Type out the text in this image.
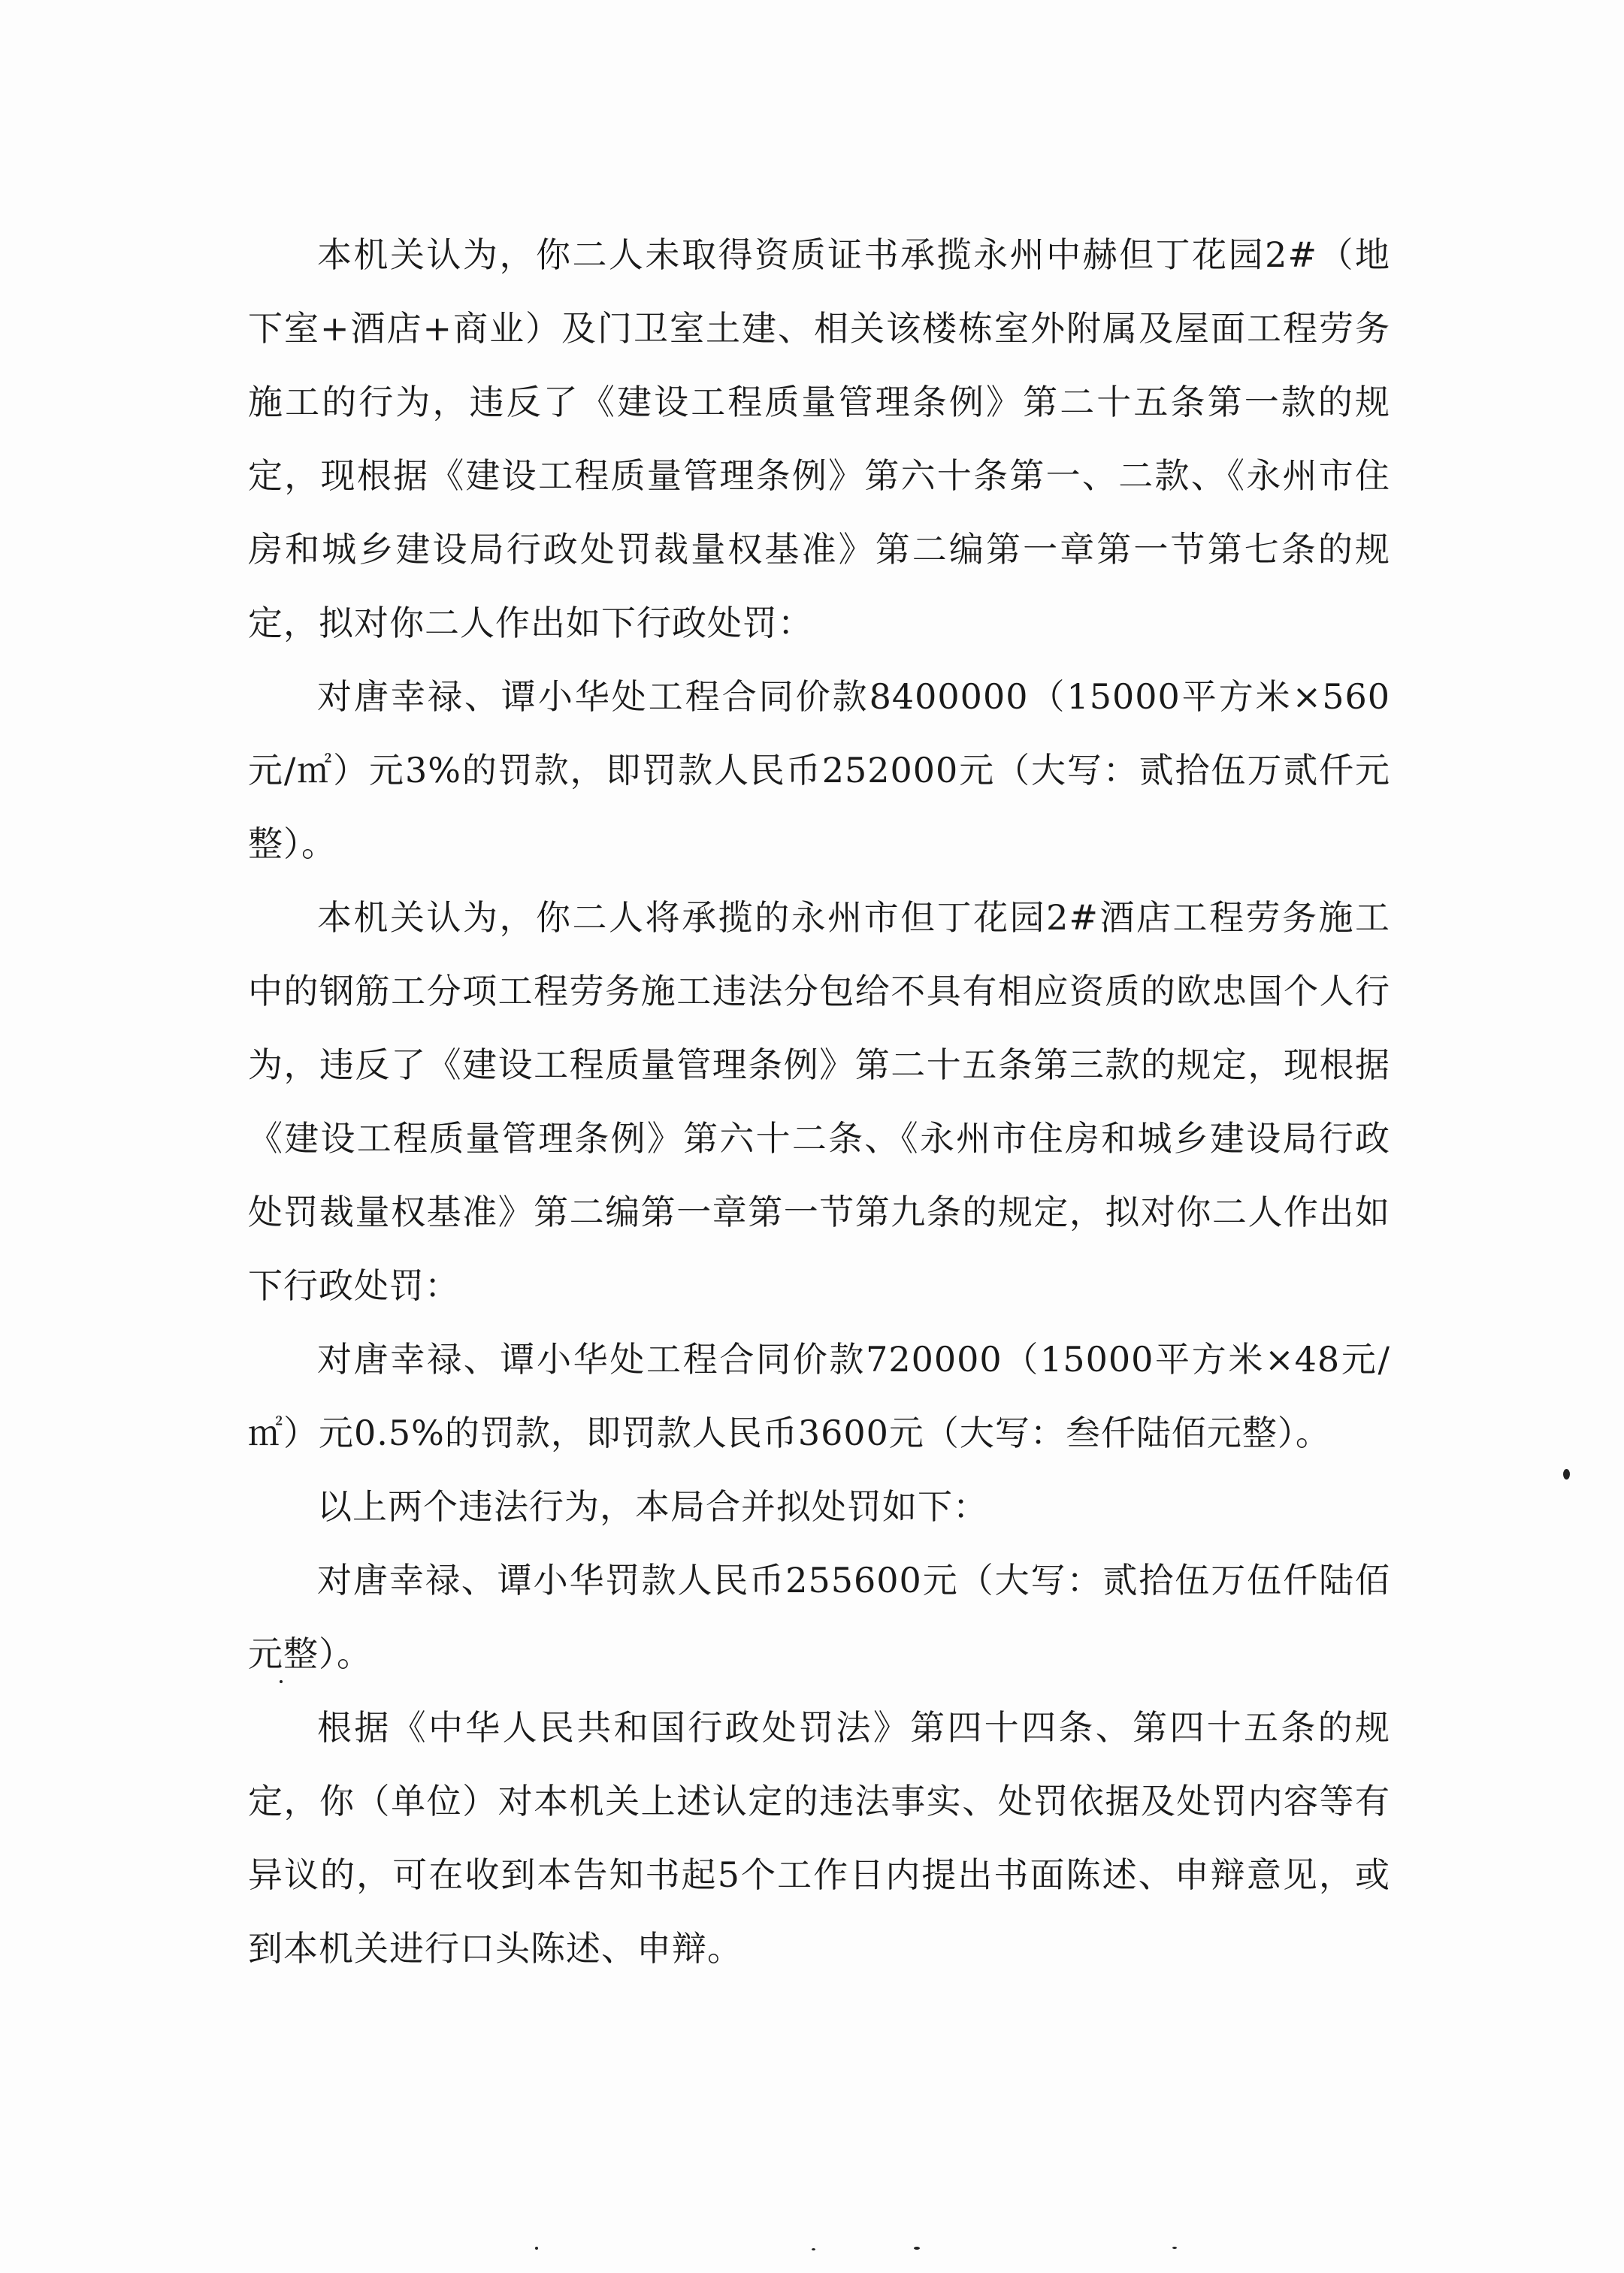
本机关认为，你二人未取得资质证书承揽永州中赫但丁花园2#（地下室+酒店+商业）及门卫室土建、相关该楼栋室外附属及屋面工程劳务施工的行为，违反了《建设工程质量管理条例》第二十五条第一款的规定，现根据《建设工程质量管理条例》第六十条第一、二款、《永州市住房和城乡建设局行政处罚裁量权基准》第二编第一章第一节第七条的规定，拟对你二人作出如下行政处罚：

对唐幸禄、谭小华处工程合同价款8400000（15000平方米×560元/㎡）元3%的罚款，即罚款人民币252000元（大写：贰拾伍万贰仟元整）。

本机关认为，你二人将承揽的永州市但丁花园2#酒店工程劳务施工中的钢筋工分项工程劳务施工违法分包给不具有相应资质的欧忠国个人行为，违反了《建设工程质量管理条例》第二十五条第三款的规定，现根据《建设工程质量管理条例》第六十二条、《永州市住房和城乡建设局行政处罚裁量权基准》第二编第一章第一节第九条的规定，拟对你二人作出如下行政处罚：

对唐幸禄、谭小华处工程合同价款720000（15000平方米×48元/㎡）元0.5%的罚款，即罚款人民币3600元（大写：叁仟陆佰元整）。

以上两个违法行为，本局合并拟处罚如下：

对唐幸禄、谭小华罚款人民币255600元（大写：贰拾伍万伍仟陆佰元整）。

根据《中华人民共和国行政处罚法》第四十四条、第四十五条的规定，你（单位）对本机关上述认定的违法事实、处罚依据及处罚内容等有异议的，可在收到本告知书起5个工作日内提出书面陈述、申辩意见，或到本机关进行口头陈述、申辩。
